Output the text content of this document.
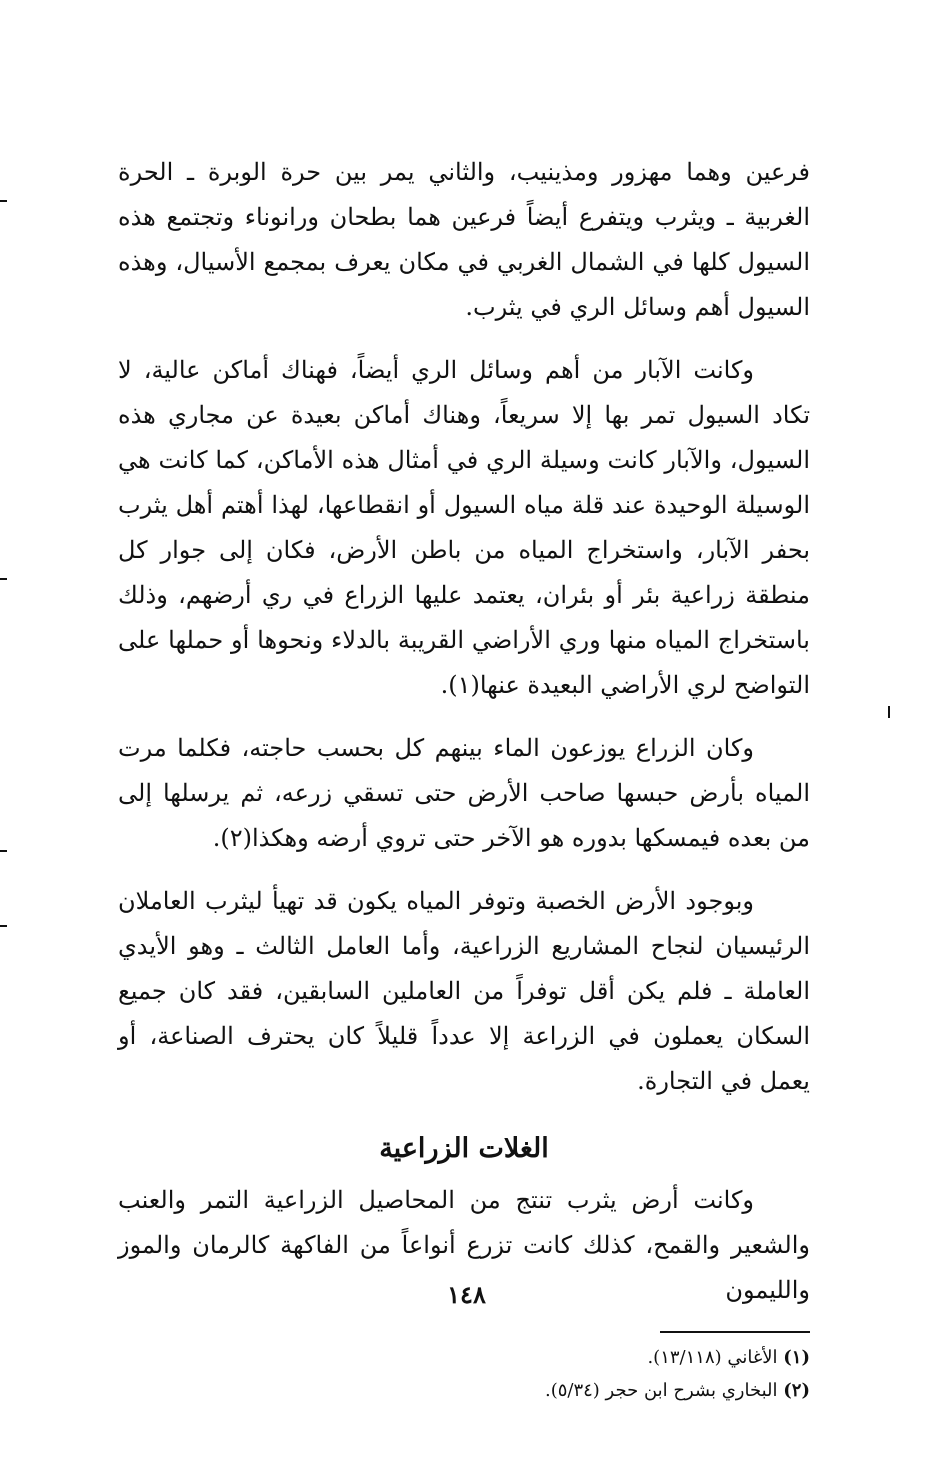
فرعين وهما مهزور ومذينيب، والثاني يمر بين حرة الوبرة ـ الحرة الغربية ـ ويثرب ويتفرع أيضاً فرعين هما بطحان ورانوناء وتجتمع هذه السيول كلها في الشمال الغربي في مكان يعرف بمجمع الأسيال، وهذه السيول أهم وسائل الري في يثرب.

وكانت الآبار من أهم وسائل الري أيضاً، فهناك أماكن عالية، لا تكاد السيول تمر بها إلا سريعاً، وهناك أماكن بعيدة عن مجاري هذه السيول، والآبار كانت وسيلة الري في أمثال هذه الأماكن، كما كانت هي الوسيلة الوحيدة عند قلة مياه السيول أو انقطاعها، لهذا أهتم أهل يثرب بحفر الآبار، واستخراج المياه من باطن الأرض، فكان إلى جوار كل منطقة زراعية بئر أو بئران، يعتمد عليها الزراع في ري أرضهم، وذلك باستخراج المياه منها وري الأراضي القريبة بالدلاء ونحوها أو حملها على التواضح لري الأراضي البعيدة عنها(١).

وكان الزراع يوزعون الماء بينهم كل بحسب حاجته، فكلما مرت المياه بأرض حبسها صاحب الأرض حتى تسقي زرعه، ثم يرسلها إلى من بعده فيمسكها بدوره هو الآخر حتى تروي أرضه وهكذا(٢).

وبوجود الأرض الخصبة وتوفر المياه يكون قد تهيأ ليثرب العاملان الرئيسيان لنجاح المشاريع الزراعية، وأما العامل الثالث ـ وهو الأيدي العاملة ـ فلم يكن أقل توفراً من العاملين السابقين، فقد كان جميع السكان يعملون في الزراعة إلا عدداً قليلاً كان يحترف الصناعة، أو يعمل في التجارة.

الغلات الزراعية

وكانت أرض يثرب تنتج من المحاصيل الزراعية التمر والعنب والشعير والقمح، كذلك كانت تزرع أنواعاً من الفاكهة كالرمان والموز والليمون

(١) الأغاني (١٣/١١٨).

(٢) البخاري بشرح ابن حجر (٥/٣٤).

١٤٨
